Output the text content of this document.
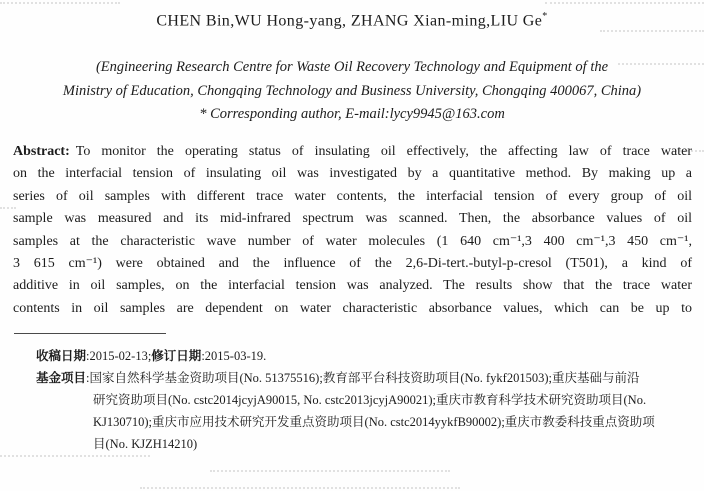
CHEN Bin,WU Hong-yang, ZHANG Xian-ming,LIU Ge*
(Engineering Research Centre for Waste Oil Recovery Technology and Equipment of the
Ministry of Education, Chongqing Technology and Business University, Chongqing 400067, China)
* Corresponding author, E-mail:lycy9945@163.com
Abstract: To monitor the operating status of insulating oil effectively, the affecting law of trace water
on the interfacial tension of insulating oil was investigated by a quantitative method. By making up a
series of oil samples with different trace water contents, the interfacial tension of every group of oil
sample was measured and its mid-infrared spectrum was scanned. Then, the absorbance values of oil
samples at the characteristic wave number of water molecules (1 640 cm⁻¹,3 400 cm⁻¹,3 450 cm⁻¹,
3 615 cm⁻¹) were obtained and the influence of the 2,6-Di-tert.-butyl-p-cresol (T501), a kind of
additive in oil samples, on the interfacial tension was analyzed. The results show that the trace water
contents in oil samples are dependent on water characteristic absorbance values, which can be up to
收稿日期:2015-02-13;修订日期:2015-03-19.
基金项目:国家自然科学基金资助项目(No. 51375516);教育部平台科技资助项目(No. fykf201503);重庆基础与前沿
研究资助项目(No. cstc2014jcyjA90015, No. cstc2013jcyjA90021);重庆市教育科学技术研究资助项目(No.
KJ130710);重庆市应用技术研究开发重点资助项目(No. cstc2014yykfB90002);重庆市教委科技重点资助项
目(No. KJZH14210)
